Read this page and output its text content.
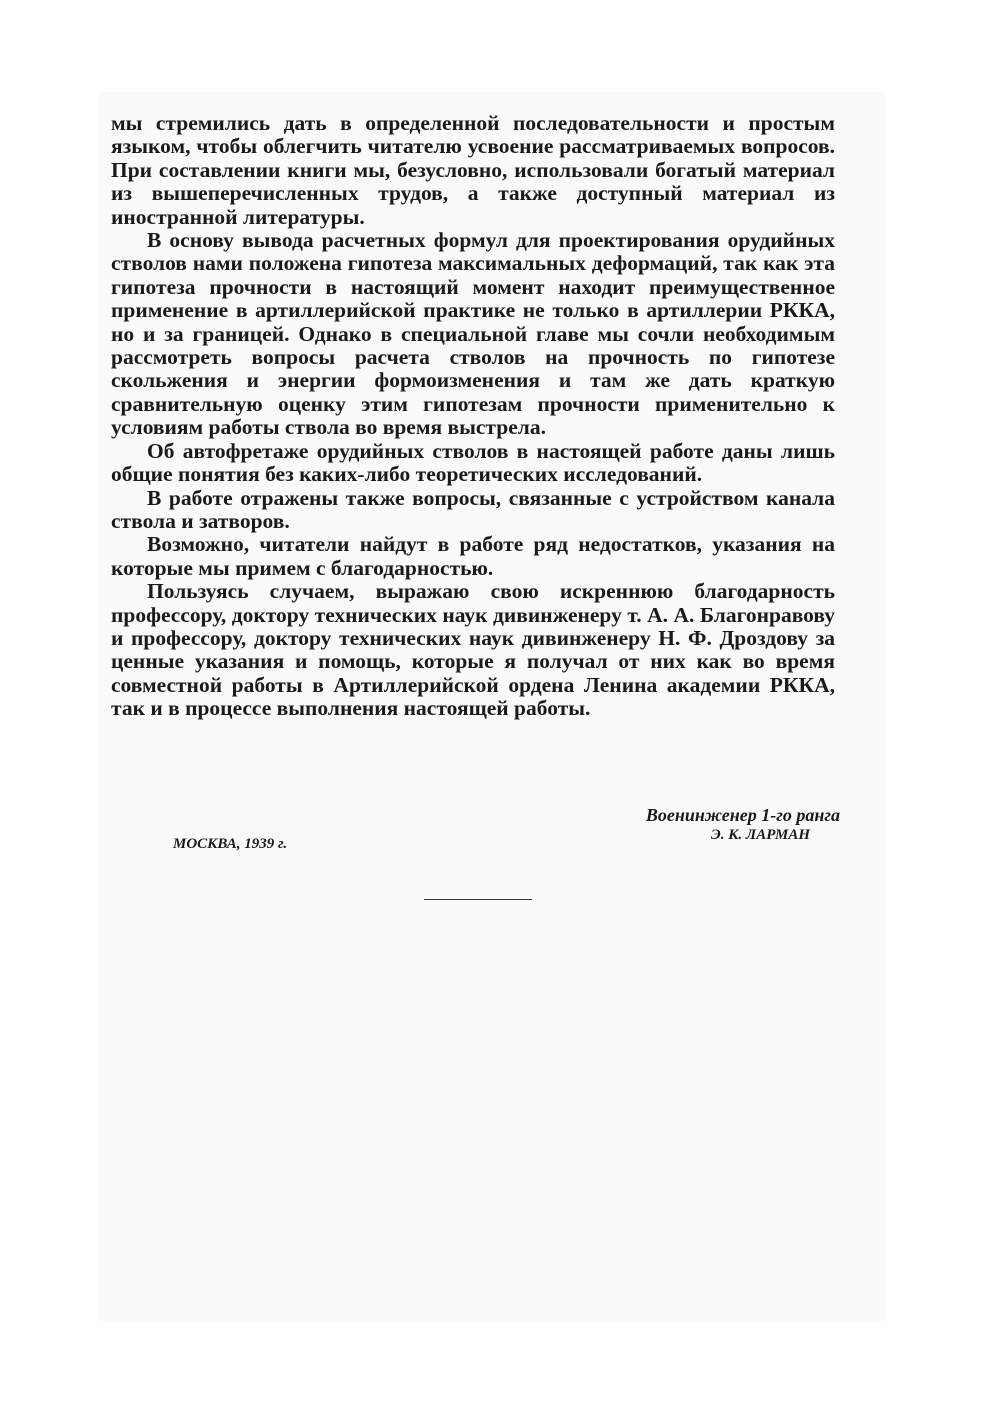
мы стремились дать в определенной последовательности и простым языком, чтобы облегчить читателю усвоение рассматриваемых вопросов. При составлении книги мы, безусловно, использовали богатый материал из вышеперечисленных трудов, а также доступный материал из иностранной литературы.

В основу вывода расчетных формул для проектирования орудийных стволов нами положена гипотеза максимальных деформаций, так как эта гипотеза прочности в настоящий момент находит преимущественное применение в артиллерийской практике не только в артиллерии РККА, но и за границей. Однако в специальной главе мы сочли необходимым рассмотреть вопросы расчета стволов на прочность по гипотезе скольжения и энергии формоизменения и там же дать краткую сравнительную оценку этим гипотезам прочности применительно к условиям работы ствола во время выстрела.

Об автофретаже орудийных стволов в настоящей работе даны лишь общие понятия без каких-либо теоретических исследований.

В работе отражены также вопросы, связанные с устройством канала ствола и затворов.

Возможно, читатели найдут в работе ряд недостатков, указания на которые мы примем с благодарностью.

Пользуясь случаем, выражаю свою искреннюю благодарность профессору, доктору технических наук дивинженеру т. А. А. Благонравову и профессору, доктору технических наук дивинженеру Н. Ф. Дроздову за ценные указания и помощь, которые я получал от них как во время совместной работы в Артиллерийской ордена Ленина академии РККА, так и в процессе выполнения настоящей работы.

Военинженер 1-го ранга
Э. К. ЛАРМАН
МОСКВА, 1939 г.
